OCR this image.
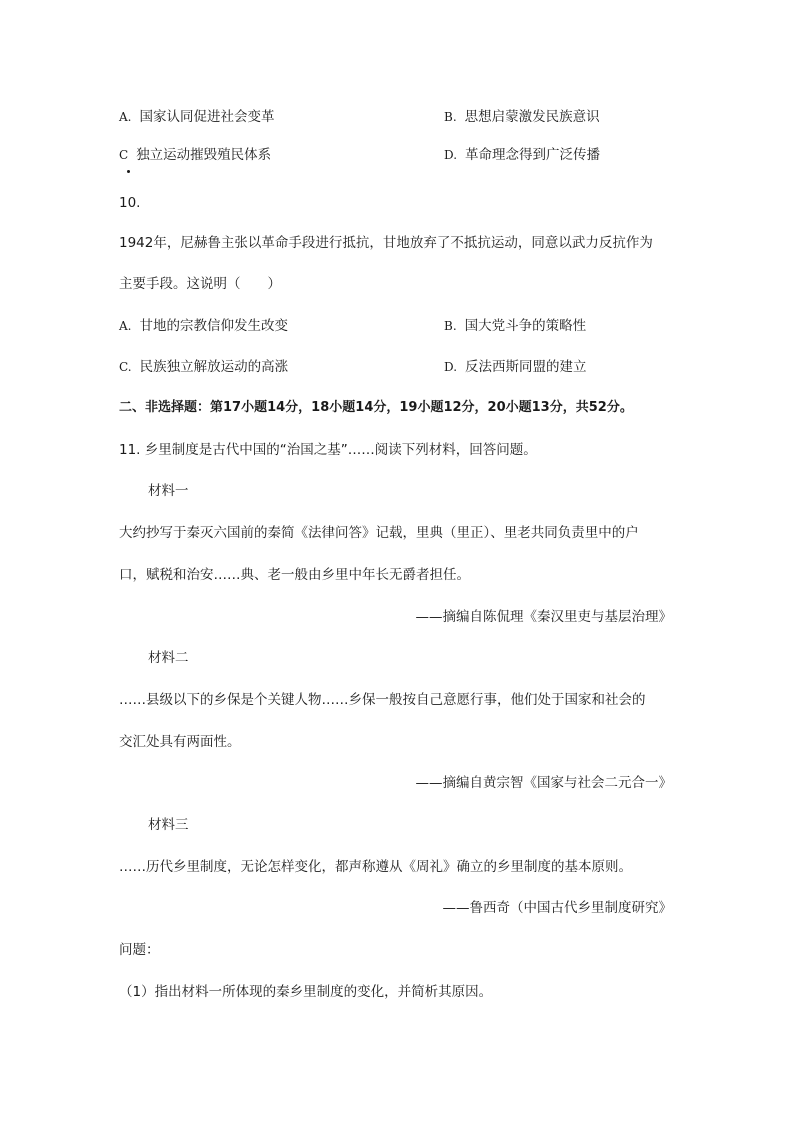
A. 国家认同促进社会变革	B. 思想启蒙激发民族意识
C 独立运动摧毁殖民体系	D. 革命理念得到广泛传播
10.
1942年，尼赫鲁主张以革命手段进行抵抗，甘地放弃了不抵抗运动，同意以武力反抗作为
主要手段。这说明（　　）
A. 甘地的宗教信仰发生改变	B. 国大党斗争的策略性
C. 民族独立解放运动的高涨	D. 反法西斯同盟的建立
二、非选择题：第17小题14分，18小题14分，19小题12分，20小题13分，共52分。
11. 乡里制度是古代中国的“治国之基”……阅读下列材料，回答问题。
材料一
大约抄写于秦灭六国前的秦简《法律问答》记载，里典（里正）、里老共同负责里中的户
口，赋税和治安……典、老一般由乡里中年长无爵者担任。
——摘编自陈侃理《秦汉里吏与基层治理》
材料二
……县级以下的乡保是个关键人物……乡保一般按自己意愿行事，他们处于国家和社会的
交汇处具有两面性。
——摘编自黄宗智《国家与社会二元合一》
材料三
……历代乡里制度，无论怎样变化，都声称遵从《周礼》确立的乡里制度的基本原则。
——鲁西奇（中国古代乡里制度研究》
问题：
（1）指出材料一所体现的秦乡里制度的变化，并简析其原因。
